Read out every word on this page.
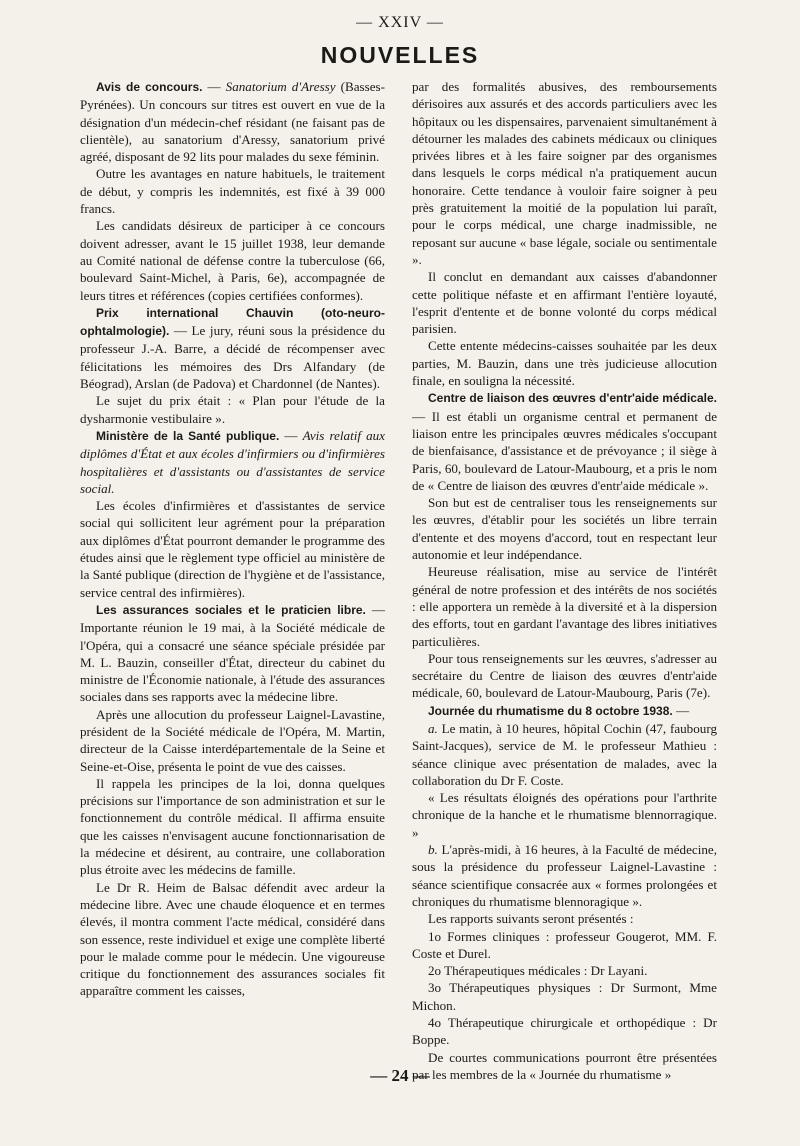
— XXIV —
NOUVELLES

Avis de concours. — Sanatorium d'Aressy (Basses-Pyrénées). Un concours sur titres est ouvert en vue de la désignation d'un médecin-chef résidant (ne faisant pas de clientèle), au sanatorium d'Aressy, sanatorium privé agréé, disposant de 92 lits pour malades du sexe féminin.

Outre les avantages en nature habituels, le traitement de début, y compris les indemnités, est fixé à 39 000 francs.

Les candidats désireux de participer à ce concours doivent adresser, avant le 15 juillet 1938, leur demande au Comité national de défense contre la tuberculose (66, boulevard Saint-Michel, à Paris, 6e), accompagnée de leurs titres et références (copies certifiées conformes).

Prix international Chauvin (oto-neuro-ophtalmologie). — Le jury, réuni sous la présidence du professeur J.-A. Barre, a décidé de récompenser avec félicitations les mémoires des Drs Alfandary (de Béograd), Arslan (de Padova) et Chardonnel (de Nantes).

Le sujet du prix était : « Plan pour l'étude de la dysharmonie vestibulaire ».

Ministère de la Santé publique. — Avis relatif aux diplômes d'État et aux écoles d'infirmiers ou d'infirmières hospitalières et d'assistants ou d'assistantes de service social.

Les écoles d'infirmières et d'assistantes de service social qui sollicitent leur agrément pour la préparation aux diplômes d'État pourront demander le programme des études ainsi que le règlement type officiel au ministère de la Santé publique (direction de l'hygiène et de l'assistance, service central des infirmières).

Les assurances sociales et le praticien libre. — Importante réunion le 19 mai, à la Société médicale de l'Opéra, qui a consacré une séance spéciale présidée par M. L. Bauzin, conseiller d'État, directeur du cabinet du ministre de l'Économie nationale, à l'étude des assurances sociales dans ses rapports avec la médecine libre.

Après une allocution du professeur Laignel-Lavastine, président de la Société médicale de l'Opéra, M. Martin, directeur de la Caisse interdépartementale de la Seine et Seine-et-Oise, présenta le point de vue des caisses.

Il rappela les principes de la loi, donna quelques précisions sur l'importance de son administration et sur le fonctionnement du contrôle médical. Il affirma ensuite que les caisses n'envisagent aucune fonctionnarisation de la médecine et désirent, au contraire, une collaboration plus étroite avec les médecins de famille.

Le Dr R. Heim de Balsac défendit avec ardeur la médecine libre. Avec une chaude éloquence et en termes élevés, il montra comment l'acte médical, considéré dans son essence, reste individuel et exige une complète liberté pour le malade comme pour le médecin. Une vigoureuse critique du fonctionnement des assurances sociales fit apparaître comment les caisses,

par des formalités abusives, des remboursements dérisoires aux assurés et des accords particuliers avec les hôpitaux ou les dispensaires, parvenaient simultanément à détourner les malades des cabinets médicaux ou cliniques privées libres et à les faire soigner par des organismes dans lesquels le corps médical n'a pratiquement aucun honoraire. Cette tendance à vouloir faire soigner à peu près gratuitement la moitié de la population lui paraît, pour le corps médical, une charge inadmissible, ne reposant sur aucune « base légale, sociale ou sentimentale ».

Il conclut en demandant aux caisses d'abandonner cette politique néfaste et en affirmant l'entière loyauté, l'esprit d'entente et de bonne volonté du corps médical parisien.

Cette entente médecins-caisses souhaitée par les deux parties, M. Bauzin, dans une très judicieuse allocution finale, en souligna la nécessité.

Centre de liaison des œuvres d'entr'aide médicale. — Il est établi un organisme central et permanent de liaison entre les principales œuvres médicales s'occupant de bienfaisance, d'assistance et de prévoyance ; il siège à Paris, 60, boulevard de Latour-Maubourg, et a pris le nom de « Centre de liaison des œuvres d'entr'aide médicale ».

Son but est de centraliser tous les renseignements sur les œuvres, d'établir pour les sociétés un libre terrain d'entente et des moyens d'accord, tout en respectant leur autonomie et leur indépendance.

Heureuse réalisation, mise au service de l'intérêt général de notre profession et des intérêts de nos sociétés : elle apportera un remède à la diversité et à la dispersion des efforts, tout en gardant l'avantage des libres initiatives particulières.

Pour tous renseignements sur les œuvres, s'adresser au secrétaire du Centre de liaison des œuvres d'entr'aide médicale, 60, boulevard de Latour-Maubourg, Paris (7e).

Journée du rhumatisme du 8 octobre 1938. —

a. Le matin, à 10 heures, hôpital Cochin (47, faubourg Saint-Jacques), service de M. le professeur Mathieu : séance clinique avec présentation de malades, avec la collaboration du Dr F. Coste.

« Les résultats éloignés des opérations pour l'arthrite chronique de la hanche et le rhumatisme blennorragique. »

b. L'après-midi, à 16 heures, à la Faculté de médecine, sous la présidence du professeur Laignel-Lavastine : séance scientifique consacrée aux « formes prolongées et chroniques du rhumatisme blennoragique ».

Les rapports suivants seront présentés :

1o Formes cliniques : professeur Gougerot, MM. F. Coste et Durel.

2o Thérapeutiques médicales : Dr Layani.

3o Thérapeutiques physiques : Dr Surmont, Mme Michon.

4o Thérapeutique chirurgicale et orthopédique : Dr Boppe.

De courtes communications pourront être présentées par les membres de la « Journée du rhumatisme »

— 24 —
